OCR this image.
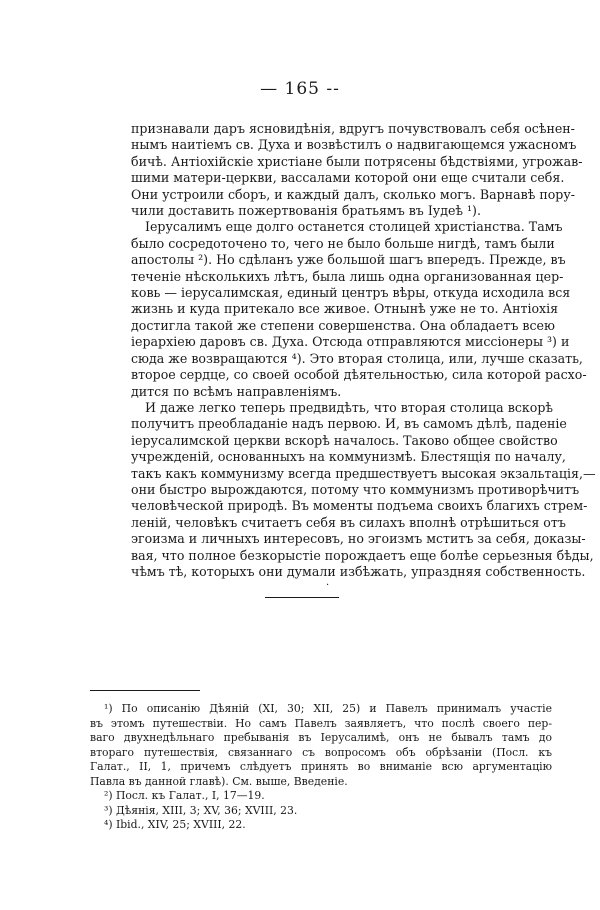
— 165 --

признавали даръ ясновидѣнія, вдругъ почувствовалъ себя осѣнен-
нымъ наитіемъ св. Духа и возвѣстилъ о надвигающемся ужасномъ
бичѣ. Антіохійскіе христіане были потрясены бѣдствіями, угрожав-
шими матери-церкви, вассалами которой они еще считали себя.
Они устроили сборъ, и каждый далъ, сколько могъ. Варнавѣ пору-
чили доставить пожертвованія братьямъ въ Іудеѣ ¹).

Іерусалимъ еще долго останется столицей христіанства. Тамъ
было сосредоточено то, чего не было больше нигдѣ, тамъ были
апостолы ²). Но сдѣланъ уже большой шагъ впередъ. Прежде, въ
теченіе нѣсколькихъ лѣтъ, была лишь одна организованная цер-
ковь — іерусалимская, единый центръ вѣры, откуда исходила вся
жизнь и куда притекало все живое. Отнынѣ уже не то. Антіохія
достигла такой же степени совершенства. Она обладаетъ всею
іерархіею даровъ св. Духа. Отсюда отправляются миссіонеры ³) и
сюда же возвращаются ⁴). Это вторая столица, или, лучше сказать,
второе сердце, со своей особой дѣятельностью, сила которой расхо-
дится по всѣмъ направленіямъ.

И даже легко теперь предвидѣть, что вторая столица вскорѣ
получитъ преобладаніе надъ первою. И, въ самомъ дѣлѣ, паденіе
іерусалимской церкви вскорѣ началось. Таково общее свойство
учрежденій, основанныхъ на коммунизмѣ. Блестящія по началу,
такъ какъ коммунизму всегда предшествуетъ высокая экзальтація,—
они быстро вырождаются, потому что коммунизмъ противорѣчитъ
человѣческой природѣ. Въ моменты подъема своихъ благихъ стрем-
леній, человѣкъ считаетъ себя въ силахъ вполнѣ отрѣшиться отъ
эгоизма и личныхъ интересовъ, но эгоизмъ мститъ за себя, доказы-
вая, что полное безкорыстіе порождаетъ еще болѣе серьезныя бѣды,
чѣмъ тѣ, которыхъ они думали избѣжать, упраздняя собственность.

·

¹) По описанію Дѣяній (XI, 30; XII, 25) и Павелъ принималъ участіе
въ этомъ путешествіи. Но самъ Павелъ заявляетъ, что послѣ своего пер-
ваго двухнедѣльнаго пребыванія въ Іерусалимѣ, онъ не бывалъ тамъ до
втораго путешествія, связаннаго съ вопросомъ объ обрѣзаніи (Посл. къ
Галат., II, 1, причемъ слѣдуетъ принять во вниманіе всю аргументацію
Павла въ данной главѣ). См. выше, Введеніе.
²) Посл. къ Галат., I, 17—19.
³) Дѣянія, XIII, 3; XV, 36; XVIII, 23.
⁴) Ibid., XIV, 25; XVIII, 22.
